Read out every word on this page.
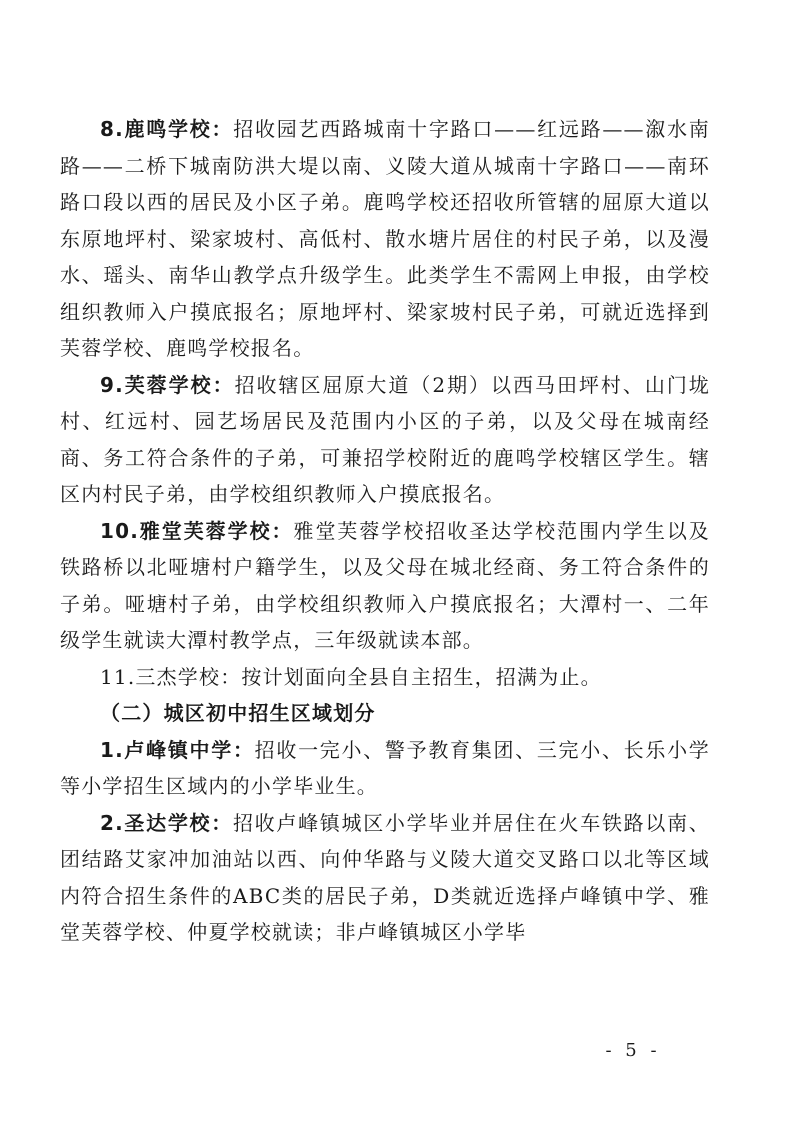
8.鹿鸣学校：招收园艺西路城南十字路口——红远路——溆水南路——二桥下城南防洪大堤以南、义陵大道从城南十字路口——南环路口段以西的居民及小区子弟。鹿鸣学校还招收所管辖的屈原大道以东原地坪村、梁家坡村、高低村、散水塘片居住的村民子弟，以及漫水、瑶头、南华山教学点升级学生。此类学生不需网上申报，由学校组织教师入户摸底报名；原地坪村、梁家坡村民子弟，可就近选择到芙蓉学校、鹿鸣学校报名。

9.芙蓉学校：招收辖区屈原大道（2期）以西马田坪村、山门垅村、红远村、园艺场居民及范围内小区的子弟，以及父母在城南经商、务工符合条件的子弟，可兼招学校附近的鹿鸣学校辖区学生。辖区内村民子弟，由学校组织教师入户摸底报名。

10.雅堂芙蓉学校：雅堂芙蓉学校招收圣达学校范围内学生以及铁路桥以北哑塘村户籍学生，以及父母在城北经商、务工符合条件的子弟。哑塘村子弟，由学校组织教师入户摸底报名；大潭村一、二年级学生就读大潭村教学点，三年级就读本部。

11.三杰学校：按计划面向全县自主招生，招满为止。

（二）城区初中招生区域划分

1.卢峰镇中学：招收一完小、警予教育集团、三完小、长乐小学等小学招生区域内的小学毕业生。

2.圣达学校：招收卢峰镇城区小学毕业并居住在火车铁路以南、团结路艾家冲加油站以西、向仲华路与义陵大道交叉路口以北等区域内符合招生条件的ABC类的居民子弟，D类就近选择卢峰镇中学、雅堂芙蓉学校、仲夏学校就读；非卢峰镇城区小学毕

- 5 -
